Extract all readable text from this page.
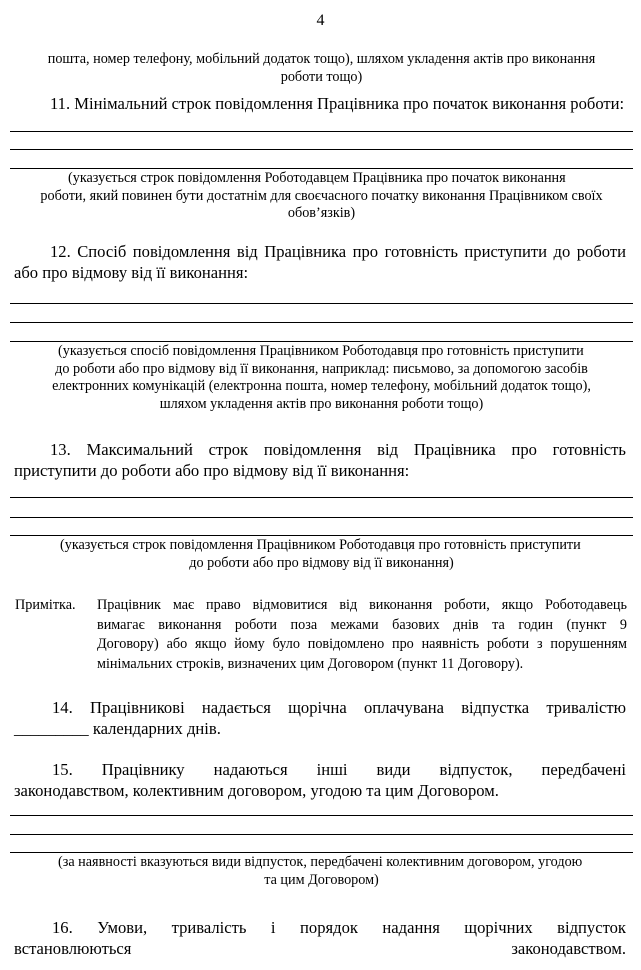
4
пошта, номер телефону, мобільний додаток тощо), шляхом укладення актів про виконання
роботи тощо)
11. Мінімальний строк повідомлення Працівника про початок виконання роботи:
(указується строк повідомлення Роботодавцем Працівника про початок виконання
роботи, який повинен бути достатнім для своєчасного початку виконання Працівником своїх
обов’язків)
12. Спосіб повідомлення від Працівника про готовність приступити до роботи
або про відмову від її виконання:
(указується спосіб повідомлення Працівником Роботодавця про готовність приступити
до роботи або про відмову від її виконання, наприклад: письмово, за допомогою засобів
електронних комунікацій (електронна пошта, номер телефону, мобільний додаток тощо),
шляхом укладення актів про виконання роботи тощо)
13. Максимальний строк повідомлення від Працівника про готовність
приступити до роботи або про відмову від її виконання:
(указується строк повідомлення Працівником Роботодавця про готовність приступити
до роботи або про відмову від її виконання)
Примітка. Працівник має право відмовитися від виконання роботи, якщо Роботодавець
вимагає виконання роботи поза межами базових днів та годин (пункт 9
Договору) або якщо йому було повідомлено про наявність роботи з порушенням
мінімальних строків, визначених цим Договором (пункт 11 Договору).
14. Працівникові надається щорічна оплачувана відпустка тривалістю
_________ календарних днів.
15. Працівнику надаються інші види відпусток, передбачені
законодавством, колективним договором, угодою та цим Договором.
(за наявності вказуються види відпусток, передбачені колективним договором, угодою
та цим Договором)
16. Умови, тривалість і порядок надання щорічних відпусток
встановлюються законодавством.
